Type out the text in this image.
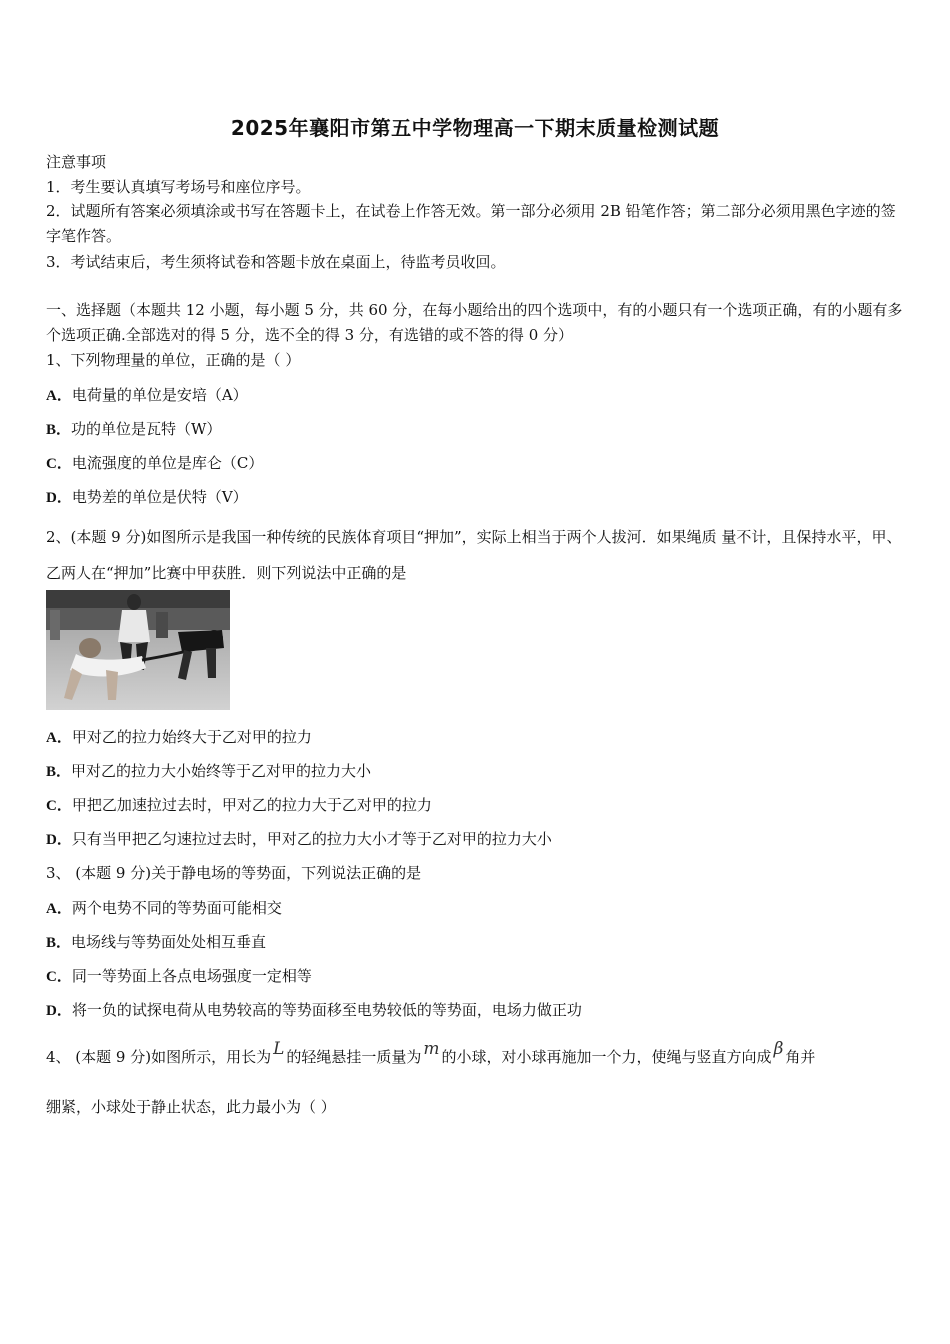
2025年襄阳市第五中学物理高一下期末质量检测试题
注意事项
1．考生要认真填写考场号和座位序号。
2．试题所有答案必须填涂或书写在答题卡上，在试卷上作答无效。第一部分必须用 2B 铅笔作答；第二部分必须用黑色字迹的签字笔作答。
3．考试结束后，考生须将试卷和答题卡放在桌面上，待监考员收回。
一、选择题（本题共 12 小题，每小题 5 分，共 60 分，在每小题给出的四个选项中，有的小题只有一个选项正确，有的小题有多个选项正确.全部选对的得 5 分，选不全的得 3 分，有选错的或不答的得 0 分）
1、下列物理量的单位，正确的是（ ）
A．电荷量的单位是安培（A）
B．功的单位是瓦特（W）
C．电流强度的单位是库仑（C）
D．电势差的单位是伏特（V）
2、(本题 9 分)如图所示是我国一种传统的民族体育项目“押加”，实际上相当于两个人拔河．如果绳质 量不计，且保持水平，甲、乙两人在“押加”比赛中甲获胜．则下列说法中正确的是
A．甲对乙的拉力始终大于乙对甲的拉力
B．甲对乙的拉力大小始终等于乙对甲的拉力大小
C．甲把乙加速拉过去时，甲对乙的拉力大于乙对甲的拉力
D．只有当甲把乙匀速拉过去时，甲对乙的拉力大小才等于乙对甲的拉力大小
3、 (本题 9 分)关于静电场的等势面，下列说法正确的是
A．两个电势不同的等势面可能相交
B．电场线与等势面处处相互垂直
C．同一等势面上各点电场强度一定相等
D．将一负的试探电荷从电势较高的等势面移至电势较低的等势面，电场力做正功
4、 (本题 9 分)如图所示，用长为 L 的轻绳悬挂一质量为 m 的小球，对小球再施加一个力，使绳与竖直方向成 β 角并
绷紧，小球处于静止状态，此力最小为（ ）
